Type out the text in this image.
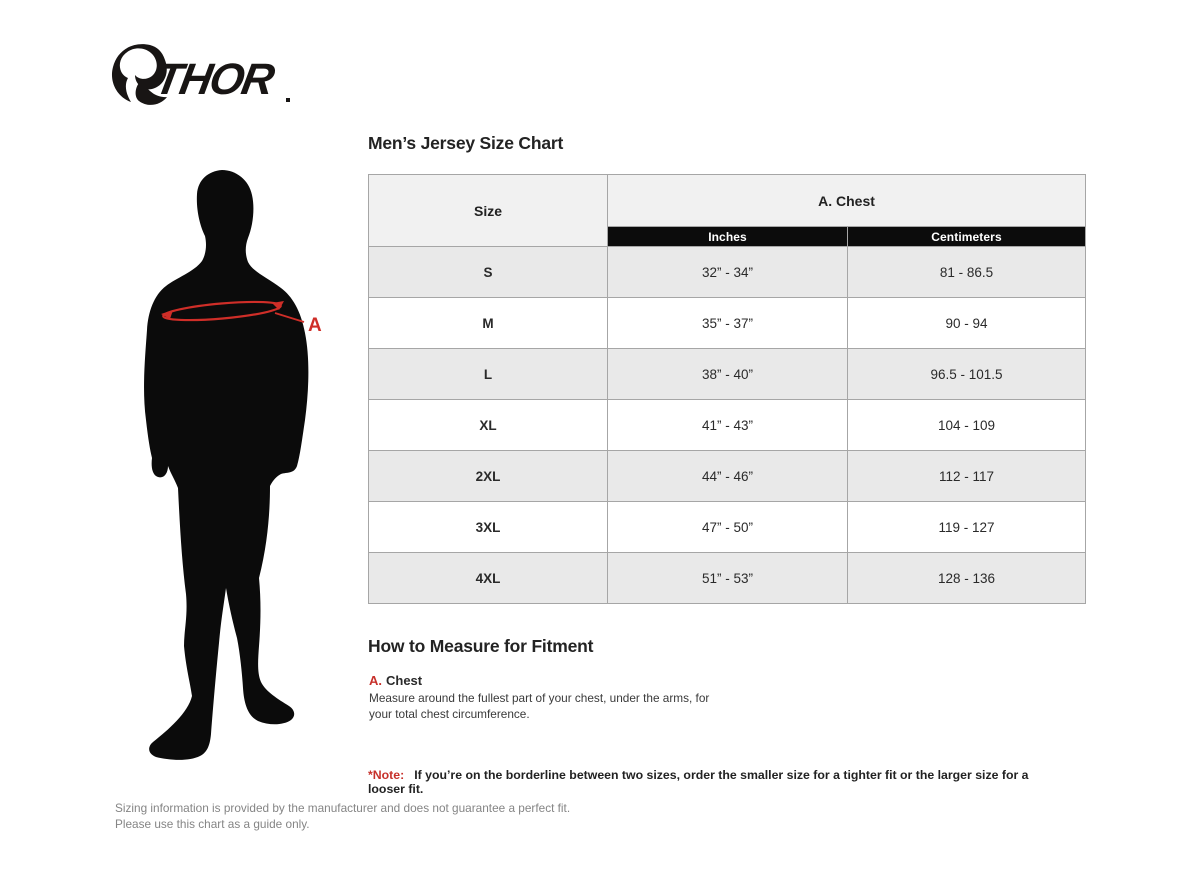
THOR
A
Men’s Jersey Size Chart
Size	A. Chest	
	Inches	Centimeters
S	32” - 34”	81 - 86.5
M	35” - 37”	90 - 94
L	38” - 40”	96.5 - 101.5
XL	41” - 43”	104 - 109
2XL	44” - 46”	112 - 117
3XL	47” - 50”	119 - 127
4XL	51” - 53”	128 - 136
How to Measure for Fitment
A. Chest

Measure around the fullest part of your chest, under the arms, for your total chest circumference.

*Note: If you’re on the borderline between two sizes, order the smaller size for a tighter fit or the larger size for a looser fit.

Sizing information is provided by the manufacturer and does not guarantee a perfect fit.
Please use this chart as a guide only.
